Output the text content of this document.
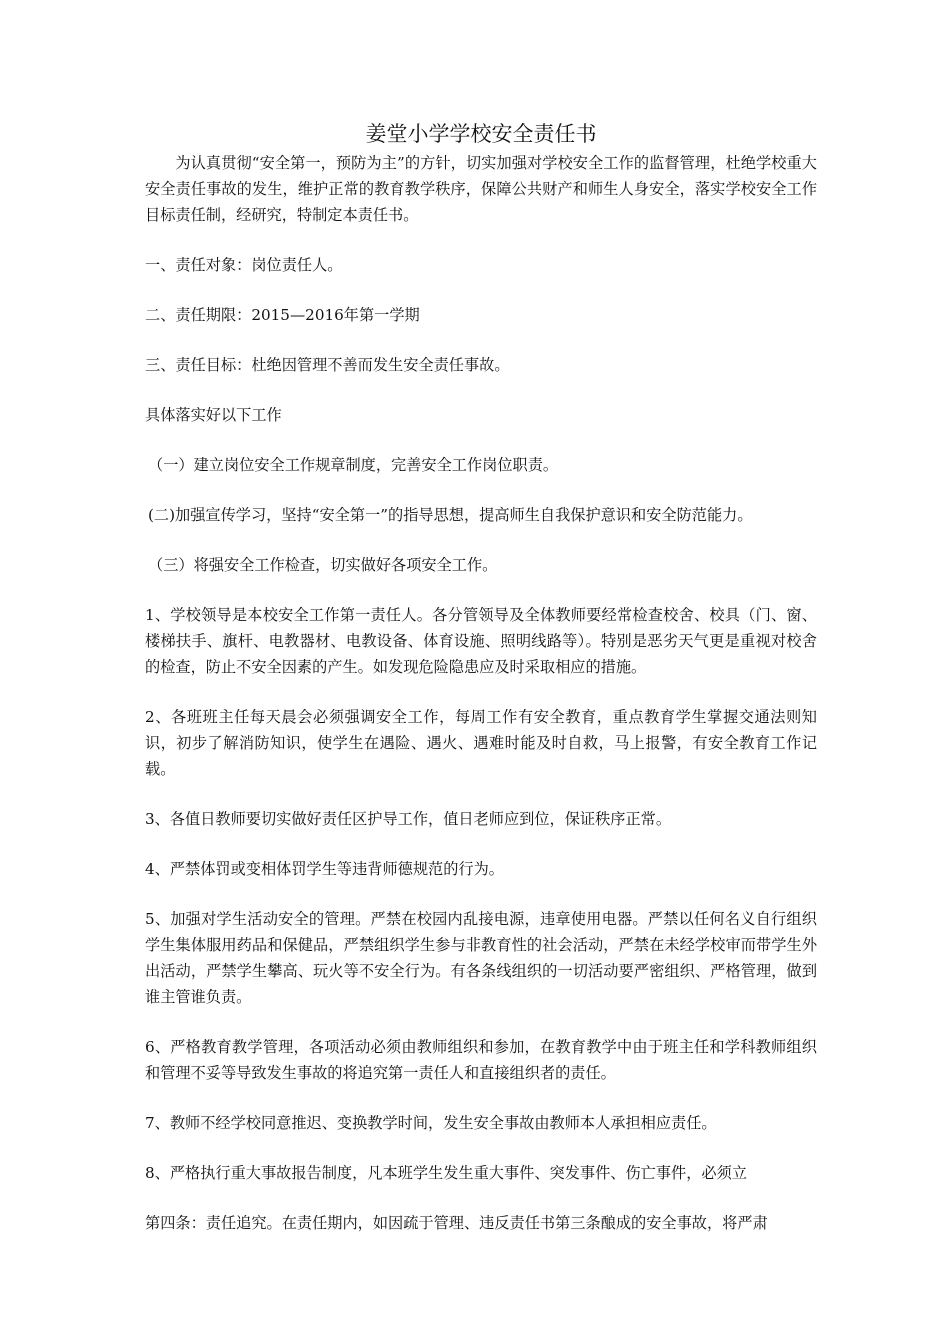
姜堂小学学校安全责任书

为认真贯彻“安全第一，预防为主”的方针，切实加强对学校安全工作的监督管理，杜绝学校重大安全责任事故的发生，维护正常的教育教学秩序，保障公共财产和师生人身安全，落实学校安全工作目标责任制，经研究，特制定本责任书。

一、责任对象：岗位责任人。

二、责任期限：2015—2016年第一学期

三、责任目标：杜绝因管理不善而发生安全责任事故。

具体落实好以下工作

（一）建立岗位安全工作规章制度，完善安全工作岗位职责。

(二)加强宣传学习，坚持“安全第一”的指导思想，提高师生自我保护意识和安全防范能力。

（三）将强安全工作检查，切实做好各项安全工作。

1、学校领导是本校安全工作第一责任人。各分管领导及全体教师要经常检查校舍、校具（门、窗、楼梯扶手、旗杆、电教器材、电教设备、体育设施、照明线路等）。特别是恶劣天气更是重视对校舍的检查，防止不安全因素的产生。如发现危险隐患应及时采取相应的措施。

2、各班班主任每天晨会必须强调安全工作，每周工作有安全教育，重点教育学生掌握交通法则知识，初步了解消防知识，使学生在遇险、遇火、遇难时能及时自救，马上报警，有安全教育工作记载。

3、各值日教师要切实做好责任区护导工作，值日老师应到位，保证秩序正常。

4、严禁体罚或变相体罚学生等违背师德规范的行为。

5、加强对学生活动安全的管理。严禁在校园内乱接电源，违章使用电器。严禁以任何名义自行组织学生集体服用药品和保健品，严禁组织学生参与非教育性的社会活动，严禁在未经学校审而带学生外出活动，严禁学生攀高、玩火等不安全行为。有各条线组织的一切活动要严密组织、严格管理，做到谁主管谁负责。

6、严格教育教学管理，各项活动必须由教师组织和参加，在教育教学中由于班主任和学科教师组织和管理不妥等导致发生事故的将追究第一责任人和直接组织者的责任。

7、教师不经学校同意推迟、变换教学时间，发生安全事故由教师本人承担相应责任。

8、严格执行重大事故报告制度，凡本班学生发生重大事件、突发事件、伤亡事件，必须立

第四条：责任追究。在责任期内，如因疏于管理、违反责任书第三条酿成的安全事故，将严肃
